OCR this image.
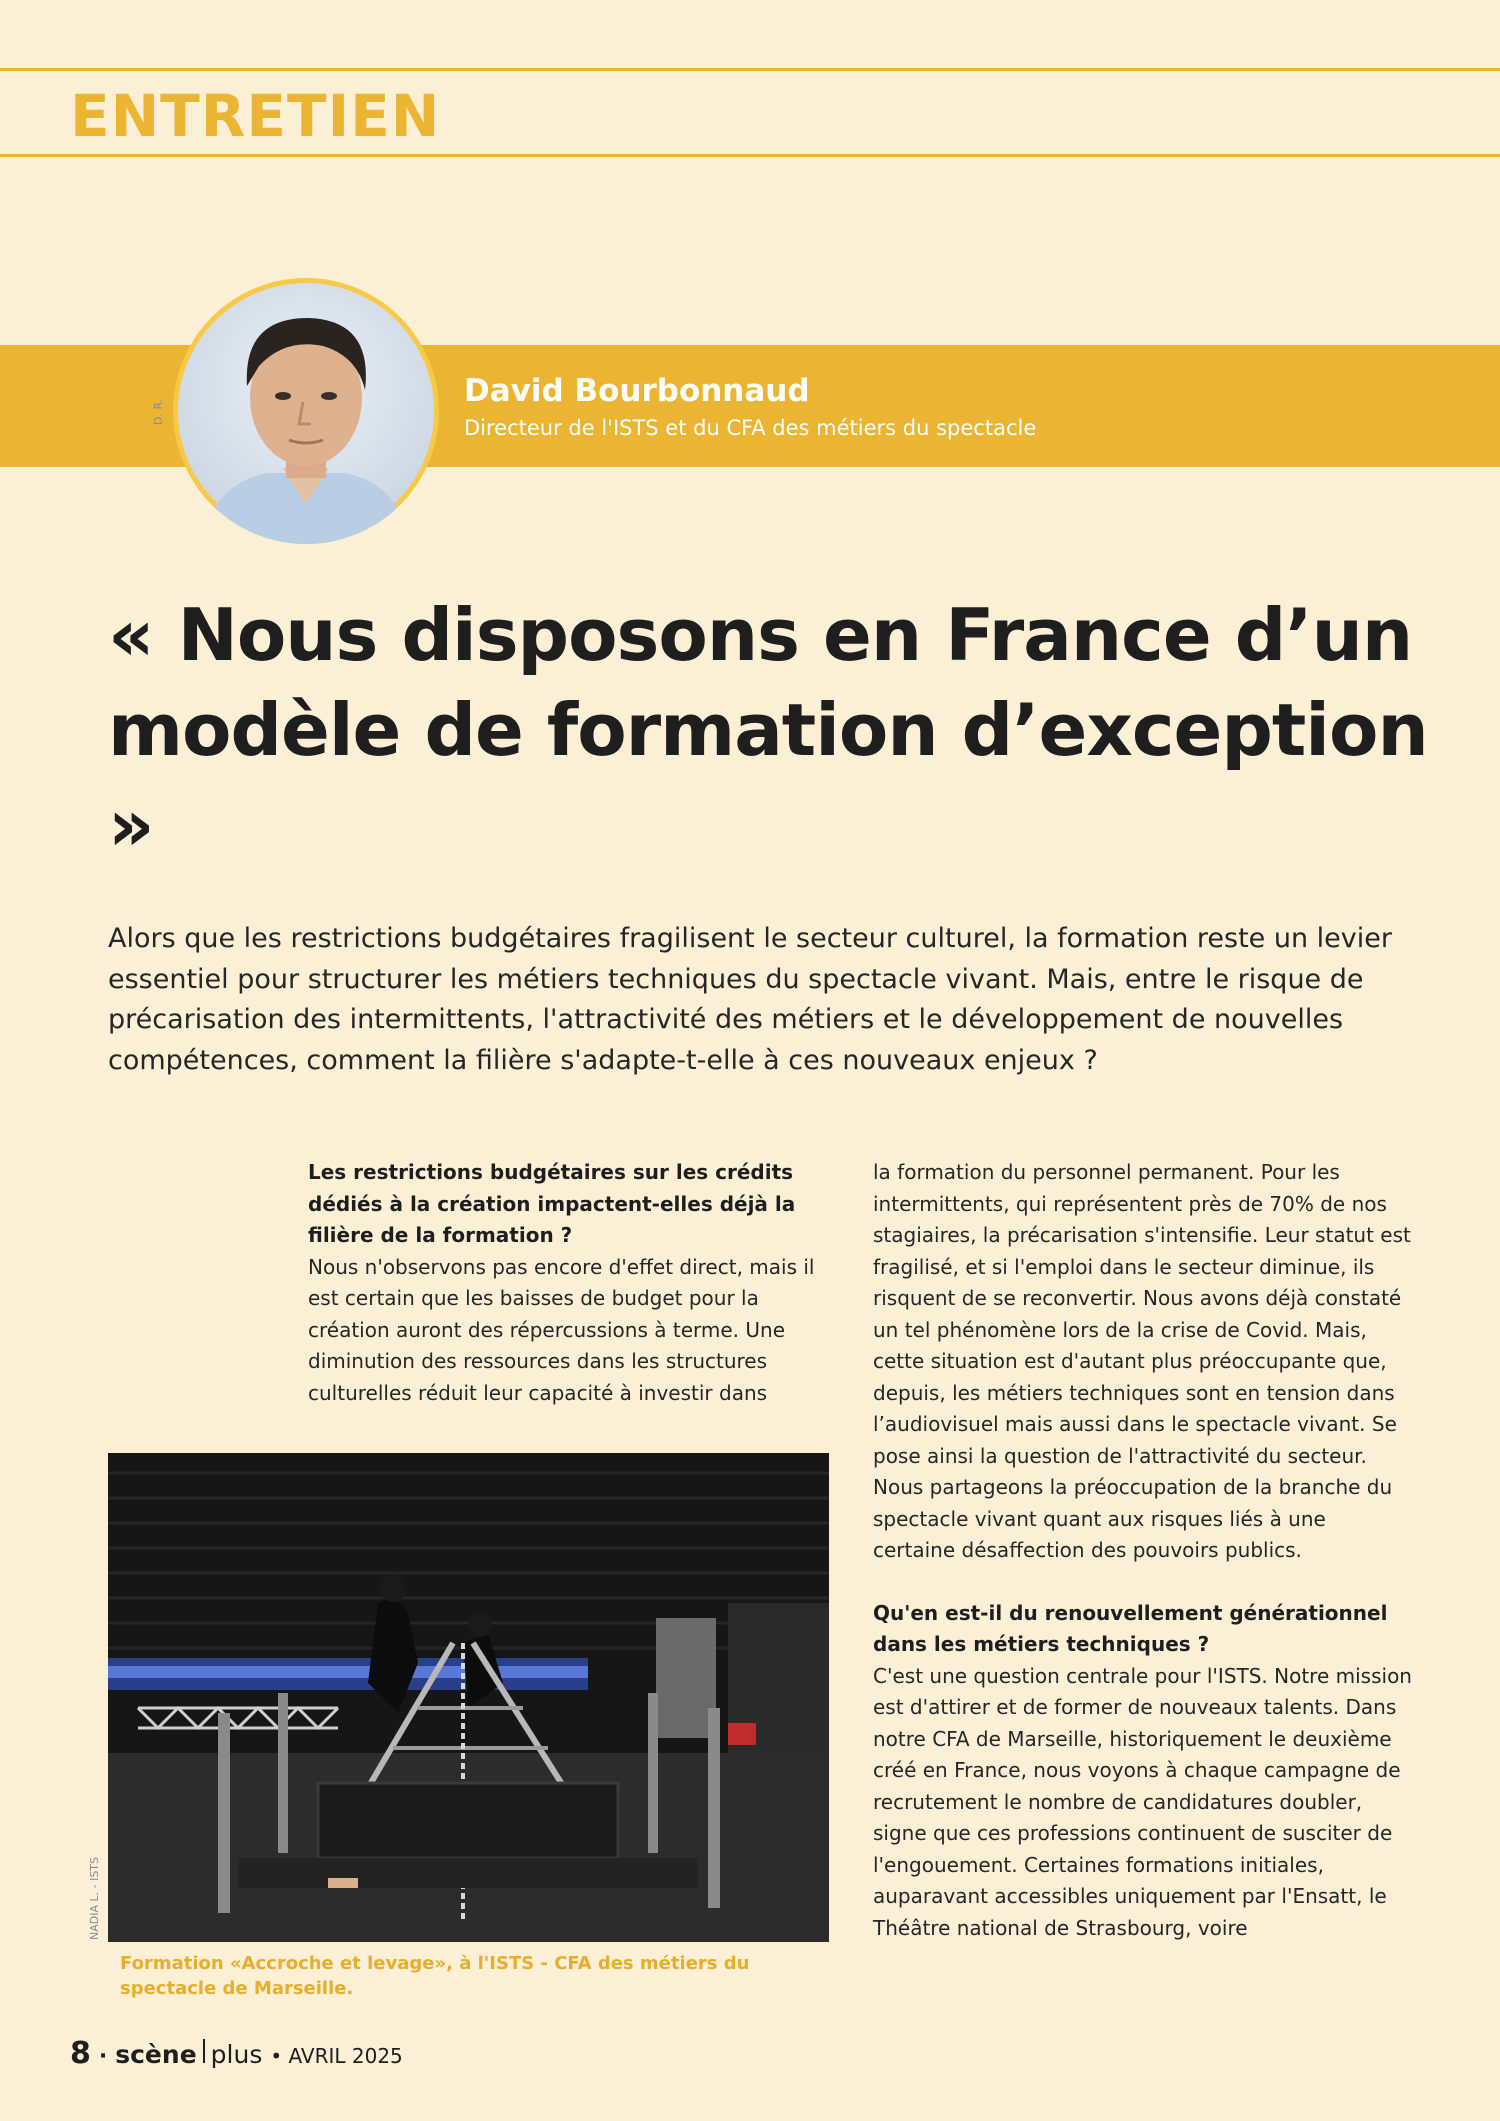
ENTRETIEN
D. R.
David Bourbonnaud

Directeur de l'ISTS et du CFA des métiers du spectacle

« Nous disposons en France d’un modèle de formation d’exception »

Alors que les restrictions budgétaires fragilisent le secteur culturel, la formation reste un levier essentiel pour structurer les métiers techniques du spectacle vivant. Mais, entre le risque de précarisation des intermittents, l'attractivité des métiers et le développement de nouvelles compétences, comment la filière s'adapte-t-elle à ces nouveaux enjeux ?

Les restrictions budgétaires sur les crédits dédiés à la création impactent-elles déjà la filière de la formation ?

Nous n'observons pas encore d'effet direct, mais il est certain que les baisses de budget pour la création auront des répercussions à terme. Une diminution des ressources dans les structures culturelles réduit leur capacité à investir dans

la formation du personnel permanent. Pour les intermittents, qui représentent près de 70% de nos stagiaires, la précarisation s'intensifie. Leur statut est fragilisé, et si l'emploi dans le secteur diminue, ils risquent de se reconvertir. Nous avons déjà constaté un tel phénomène lors de la crise de Covid. Mais, cette situation est d'autant plus préoccupante que, depuis, les métiers techniques sont en tension dans l’audiovisuel mais aussi dans le spectacle vivant. Se pose ainsi la question de l'attractivité du secteur. Nous partageons la préoccupation de la branche du spectacle vivant quant aux risques liés à une certaine désaffection des pouvoirs publics.

Qu'en est-il du renouvellement générationnel dans les métiers techniques ?

C'est une question centrale pour l'ISTS. Notre mission est d'attirer et de former de nouveaux talents. Dans notre CFA de Marseille, historiquement le deuxième créé en France, nous voyons à chaque campagne de recrutement le nombre de candidatures doubler, signe que ces professions continuent de susciter de l'engouement. Certaines formations initiales, auparavant accessibles uniquement par l'Ensatt, le Théâtre national de Strasbourg, voire

NADIA L. - ISTS

Formation «Accroche et levage», à l'ISTS - CFA des métiers du spectacle de Marseille.

8 · scène plus • AVRIL 2025
